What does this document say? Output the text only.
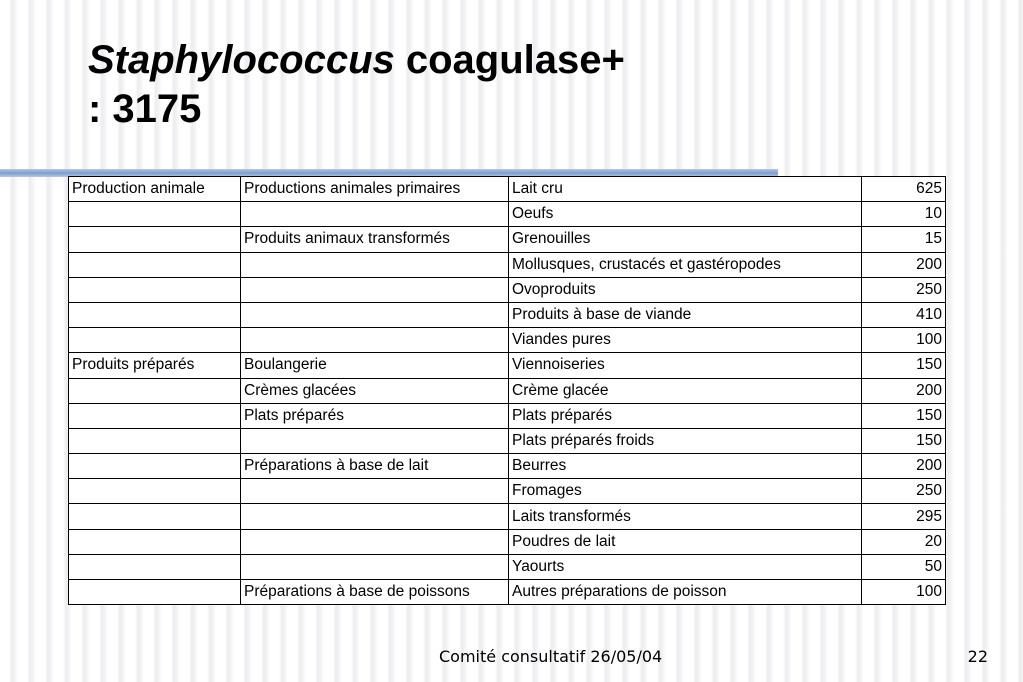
Staphylococcus coagulase+
: 3175
Production animale	Productions animales primaires	Lait cru	625
		Oeufs	10
	Produits animaux transformés	Grenouilles	15
		Mollusques, crustacés et gastéropodes	200
		Ovoproduits	250
		Produits à base de viande	410
		Viandes pures	100
Produits préparés	Boulangerie	Viennoiseries	150
	Crèmes glacées	Crème glacée	200
	Plats préparés	Plats préparés	150
		Plats préparés froids	150
	Préparations à base de lait	Beurres	200
		Fromages	250
		Laits transformés	295
		Poudres de lait	20
		Yaourts	50
	Préparations à base de poissons	Autres préparations de poisson	100
Comité consultatif 26/05/04	22
